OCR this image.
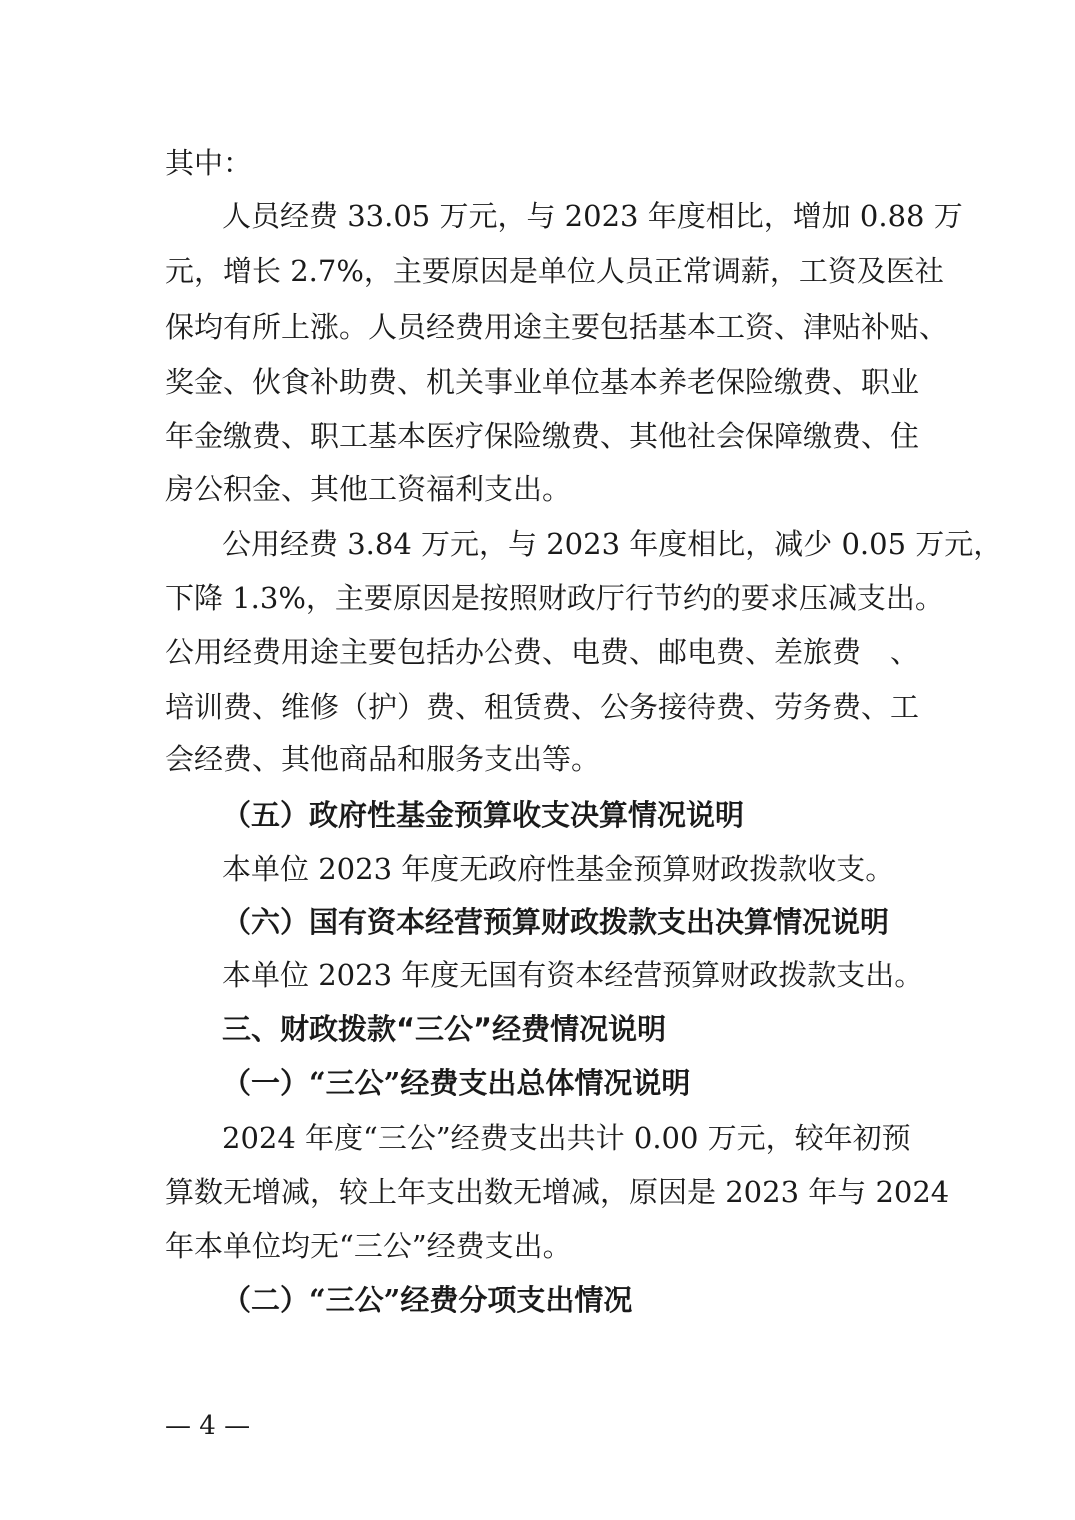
其中：
人员经费 33.05 万元，与 2023 年度相比，增加 0.88 万
元，增长 2.7%，主要原因是单位人员正常调薪，工资及医社
保均有所上涨。人员经费用途主要包括基本工资、津贴补贴、
奖金、伙食补助费、机关事业单位基本养老保险缴费、职业
年金缴费、职工基本医疗保险缴费、其他社会保障缴费、住
房公积金、其他工资福利支出。
公用经费 3.84 万元，与 2023 年度相比，减少 0.05 万元，
下降 1.3%，主要原因是按照财政厅行节约的要求压减支出。
公用经费用途主要包括办公费、电费、邮电费、差旅费　、
培训费、维修（护）费、租赁费、公务接待费、劳务费、工
会经费、其他商品和服务支出等。
（五）政府性基金预算收支决算情况说明
本单位 2023 年度无政府性基金预算财政拨款收支。
（六）国有资本经营预算财政拨款支出决算情况说明
本单位 2023 年度无国有资本经营预算财政拨款支出。
三、财政拨款“三公”经费情况说明
（一）“三公”经费支出总体情况说明
2024 年度“三公”经费支出共计 0.00 万元，较年初预
算数无增减，较上年支出数无增减，原因是 2023 年与 2024
年本单位均无“三公”经费支出。
（二）“三公”经费分项支出情况
— 4 —
